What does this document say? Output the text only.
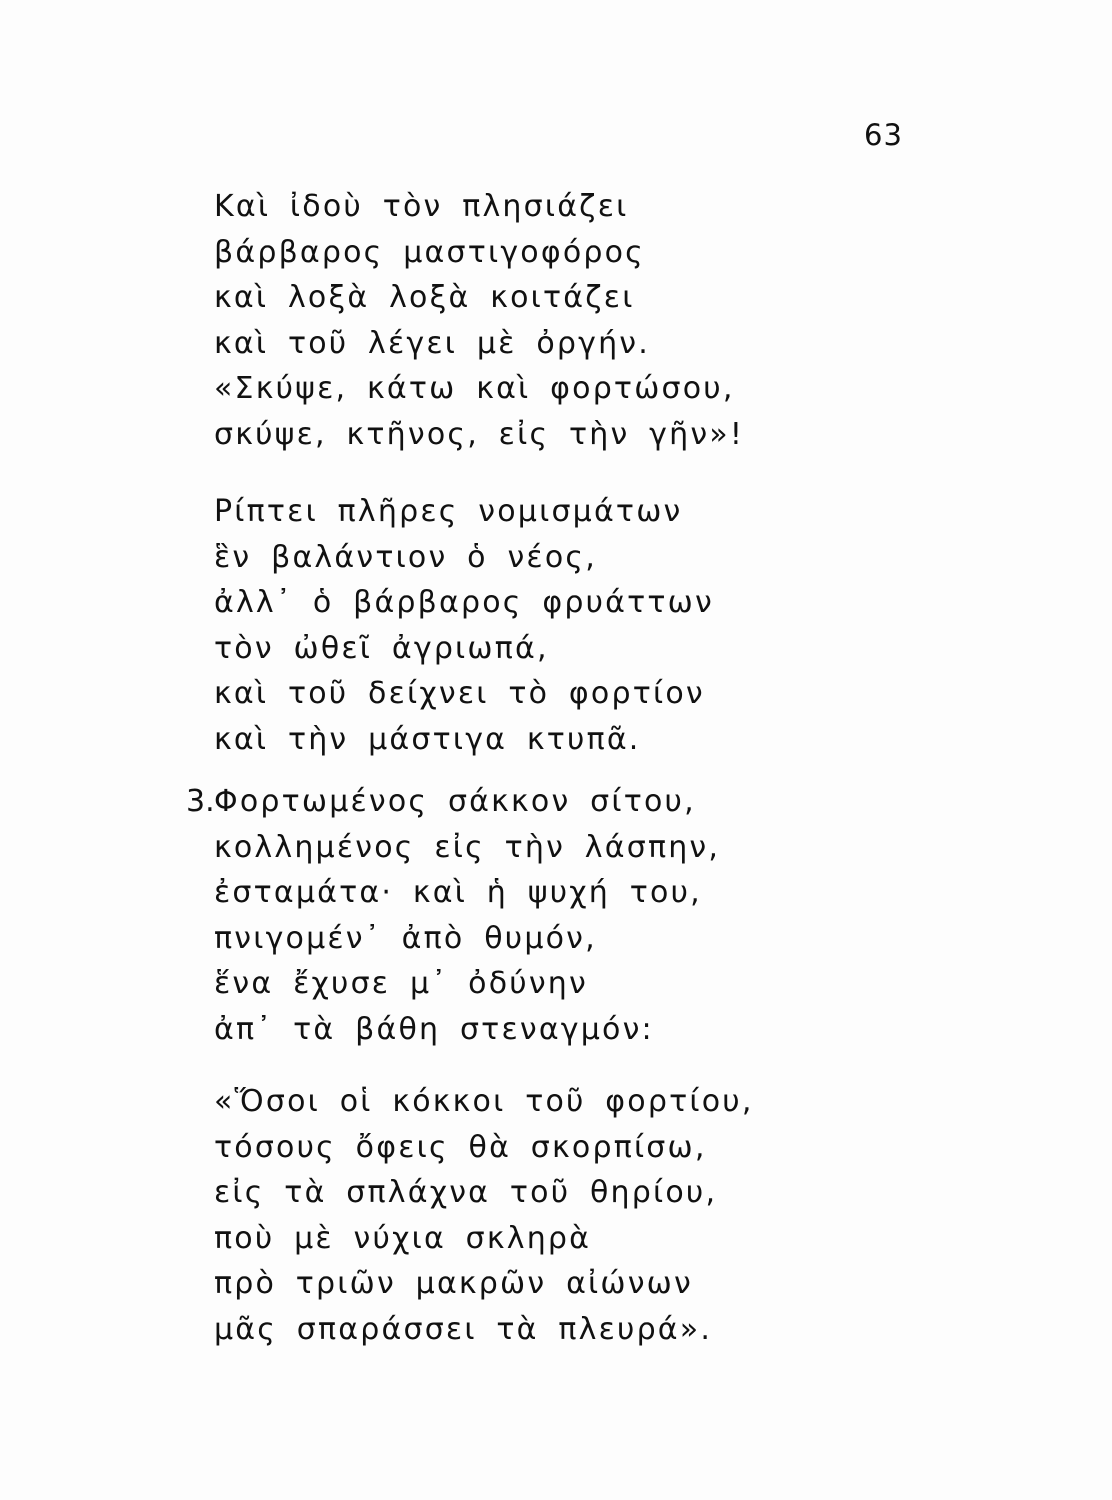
63
Καὶ ἰδοὺ τὸν πλησιάζει
βάρβαρος μαστιγοφόρος
καὶ λοξὰ λοξὰ κοιτάζει
καὶ τοῦ λέγει μὲ ὀργήν.
«Σκύψε, κάτω καὶ φορτώσου,
σκύψε, κτῆνος, εἰς τὴν γῆν»!
Ρίπτει πλῆρες νομισμάτων
ἓν βαλάντιον ὁ νέος,
ἀλλ᾽ ὁ βάρβαρος φρυάττων
τὸν ὠθεῖ ἀγριωπά,
καὶ τοῦ δείχνει τὸ φορτίον
καὶ τὴν μάστιγα κτυπᾶ.
3. Φορτωμένος σάκκον σίτου,
κολλημένος εἰς τὴν λάσπην,
ἐσταμάτα· καὶ ἡ ψυχή του,
πνιγομέν᾽ ἀπὸ θυμόν,
ἕνα ἔχυσε μ᾽ ὀδύνην
ἀπ᾽ τὰ βάθη στεναγμόν:
«Ὅσοι οἱ κόκκοι τοῦ φορτίου,
τόσους ὄφεις θὰ σκορπίσω,
εἰς τὰ σπλάχνα τοῦ θηρίου,
ποὺ μὲ νύχια σκληρὰ
πρὸ τριῶν μακρῶν αἰώνων
μᾶς σπαράσσει τὰ πλευρά».
